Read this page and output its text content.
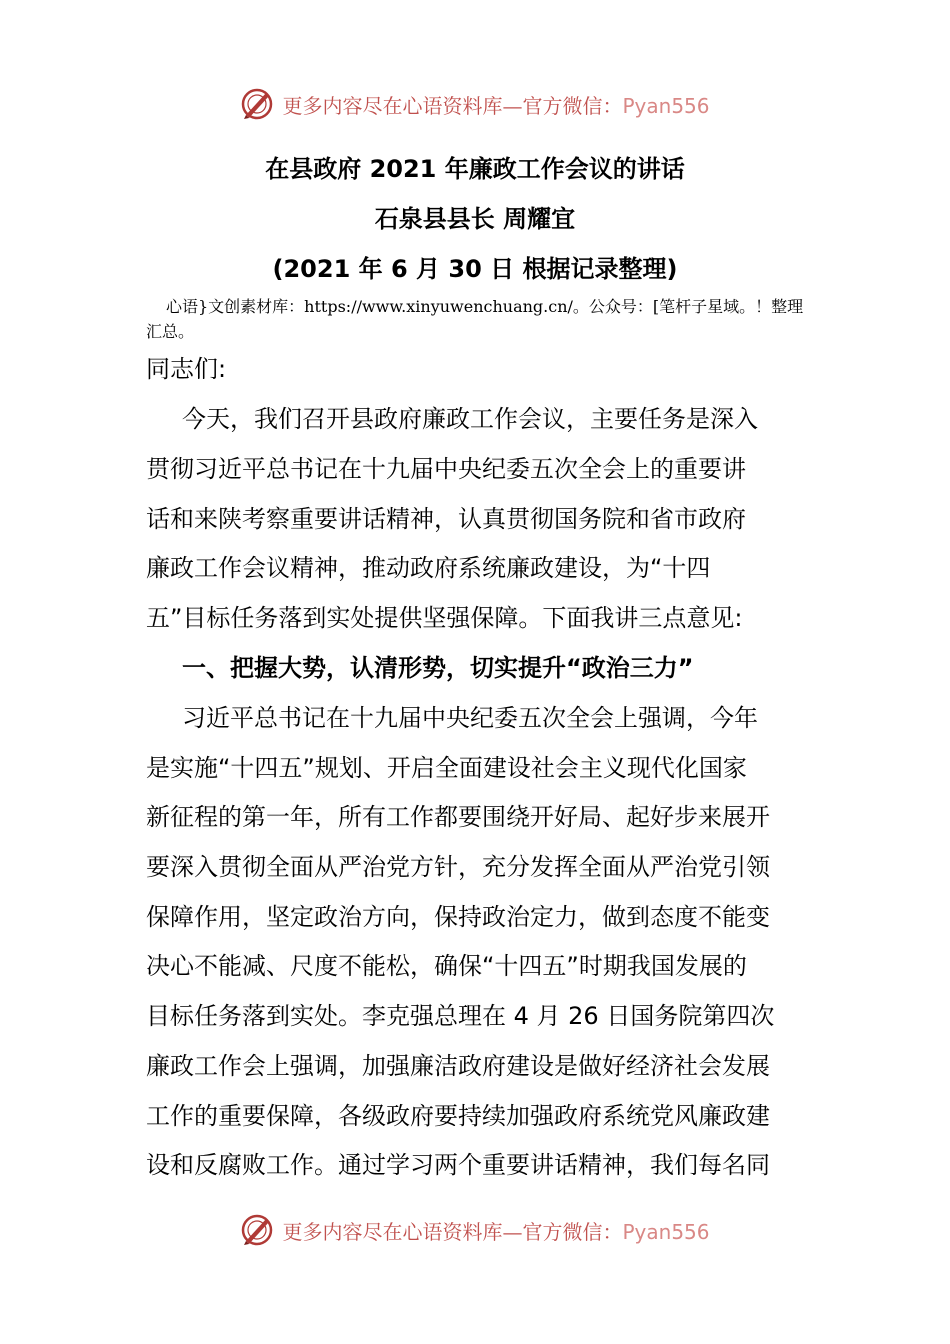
更多内容尽在心语资料库—官方微信：Pyan556
在县政府 2021 年廉政工作会议的讲话
石泉县县长 周耀宜
(2021 年 6 月 30 日 根据记录整理)
心语}文创素材库：https://www.xinyuwenchuang.cn/。公众号：[笔杆子星域。！整理汇总。
同志们:
今天，我们召开县政府廉政工作会议，主要任务是深入
贯彻习近平总书记在十九届中央纪委五次全会上的重要讲
话和来陕考察重要讲话精神，认真贯彻国务院和省市政府
廉政工作会议精神，推动政府系统廉政建设，为“十四
五”目标任务落到实处提供坚强保障。下面我讲三点意见:
一、把握大势，认清形势，切实提升“政治三力”
习近平总书记在十九届中央纪委五次全会上强调，今年
是实施“十四五”规划、开启全面建设社会主义现代化国家
新征程的第一年，所有工作都要围绕开好局、起好步来展开
要深入贯彻全面从严治党方针，充分发挥全面从严治党引领
保障作用，坚定政治方向，保持政治定力，做到态度不能变
决心不能减、尺度不能松，确保“十四五”时期我国发展的
目标任务落到实处。李克强总理在 4 月 26 日国务院第四次
廉政工作会上强调，加强廉洁政府建设是做好经济社会发展
工作的重要保障，各级政府要持续加强政府系统党风廉政建
设和反腐败工作。通过学习两个重要讲话精神，我们每名同
更多内容尽在心语资料库—官方微信：Pyan556
